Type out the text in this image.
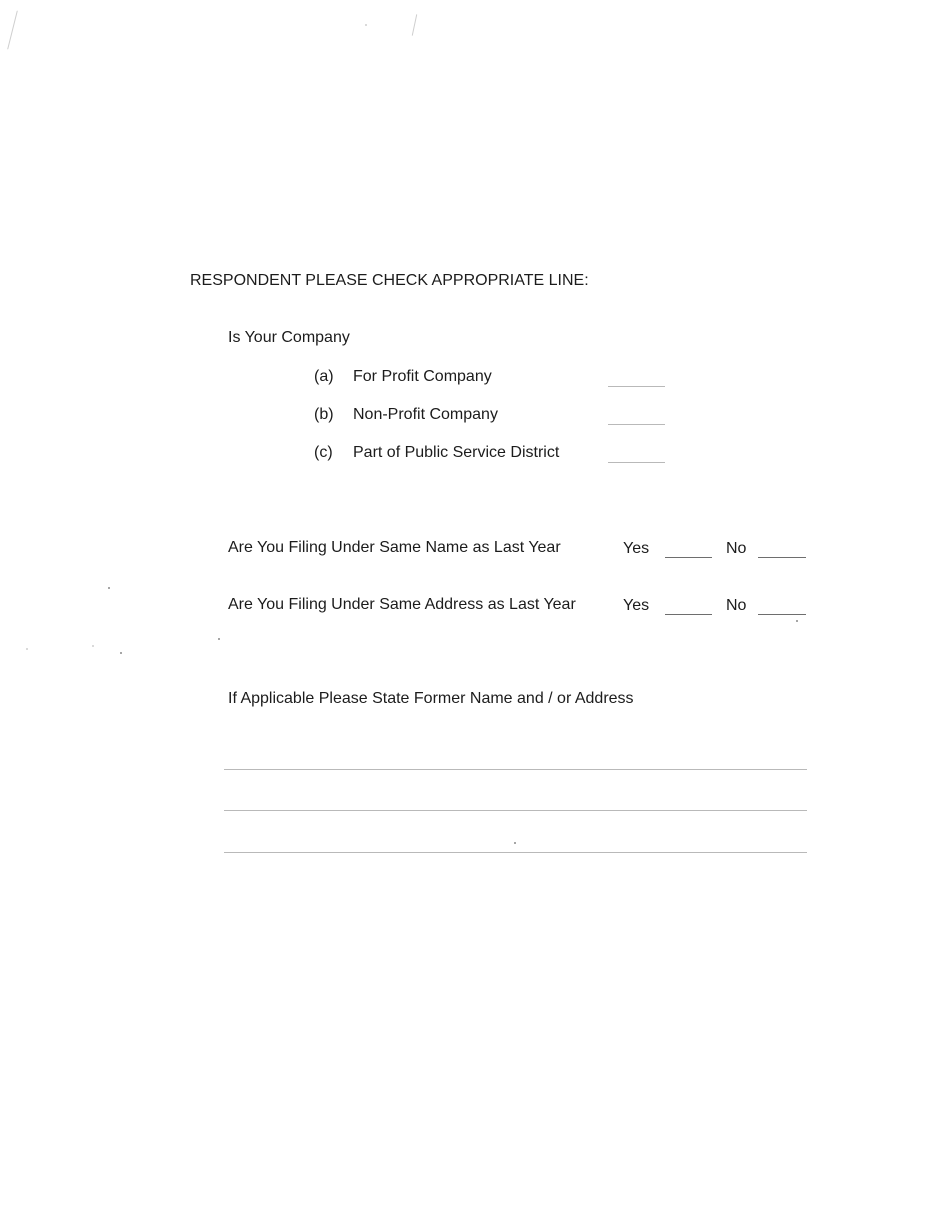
RESPONDENT PLEASE CHECK APPROPRIATE LINE:
Is Your Company
(a) For Profit Company
(b) Non-Profit Company
(c) Part of Public Service District
Are You Filing Under Same Name as Last Year	Yes	No
Are You Filing Under Same Address as Last Year	Yes	No
If Applicable Please State Former Name and / or Address
